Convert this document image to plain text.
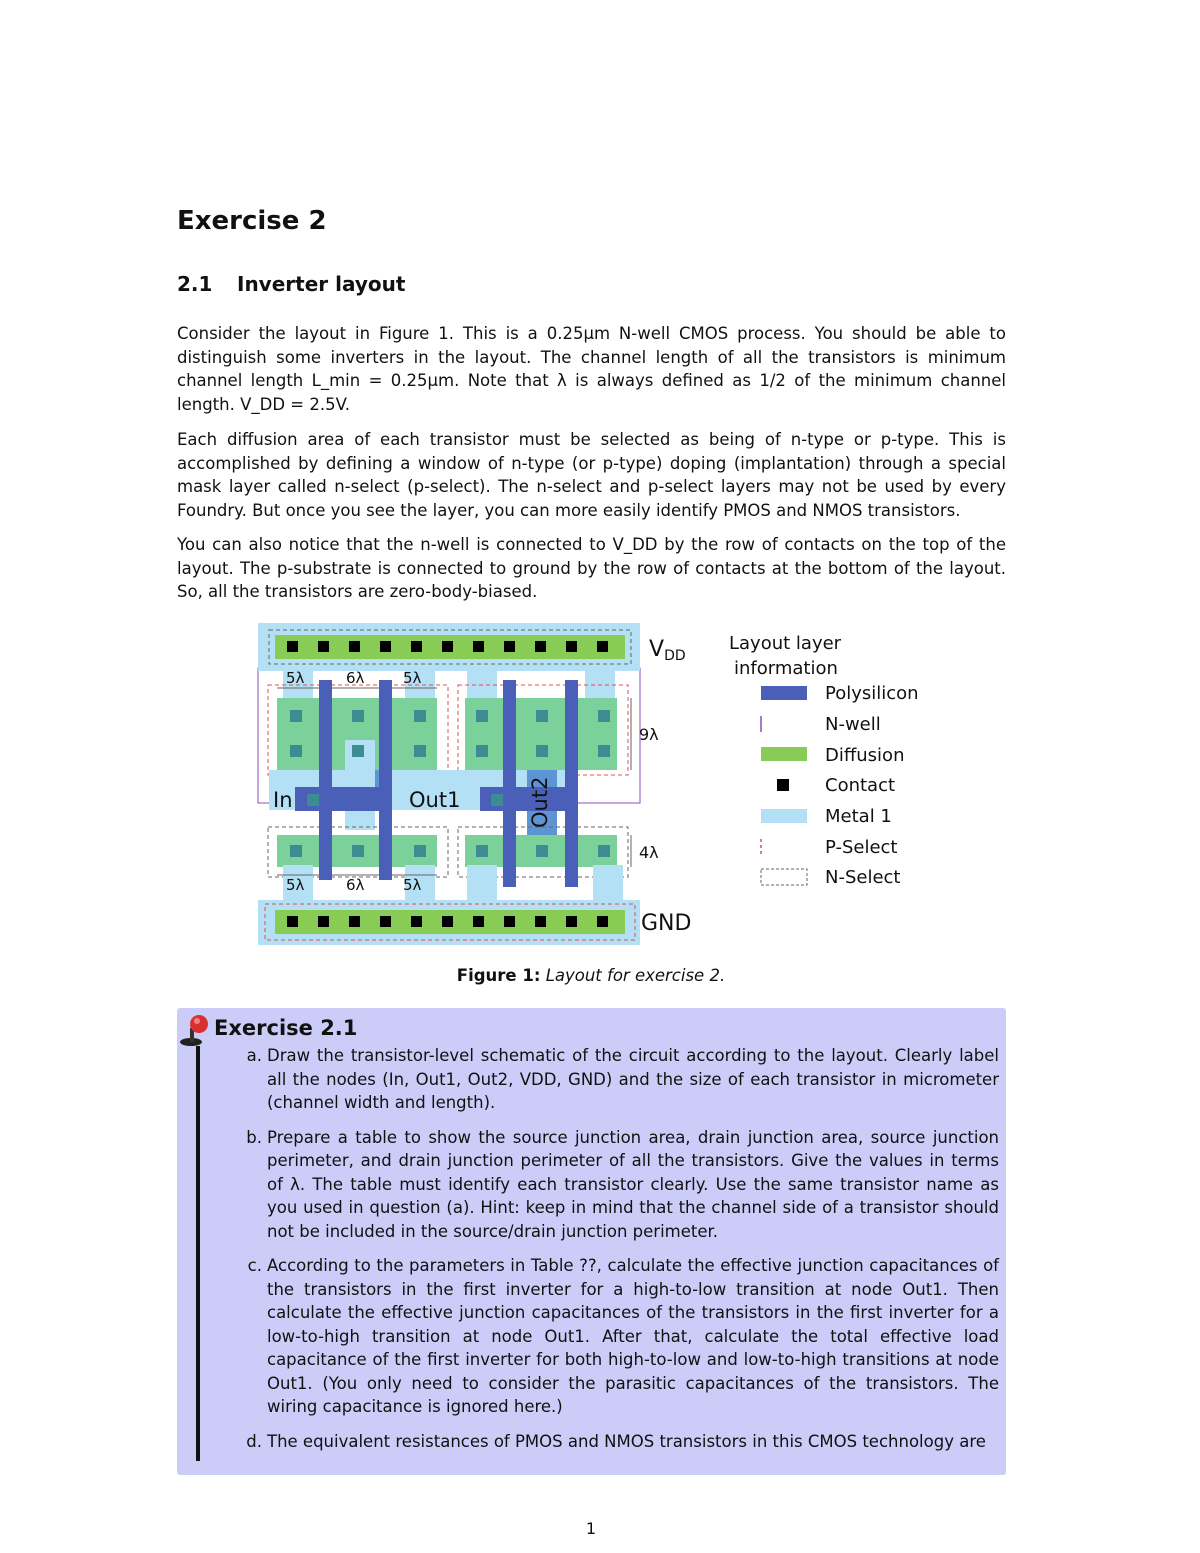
Exercise 2
2.1 Inverter layout

Consider the layout in Figure 1. This is a 0.25μm N-well CMOS process. You should be able to distinguish some inverters in the layout. The channel length of all the transistors is minimum channel length L_min = 0.25μm. Note that λ is always defined as 1/2 of the minimum channel length. V_DD = 2.5V.

Each diffusion area of each transistor must be selected as being of n-type or p-type. This is accomplished by defining a window of n-type (or p-type) doping (implantation) through a special mask layer called n-select (p-select). The n-select and p-select layers may not be used by every Foundry. But once you see the layer, you can more easily identify PMOS and NMOS transistors.

You can also notice that the n-well is connected to V_DD by the row of contacts on the top of the layout. The p-substrate is connected to ground by the row of contacts at the bottom of the layout. So, all the transistors are zero-body-biased.

5λ	6λ	5λ
5λ	6λ	5λ
9λ
4λ
In	Out1	Out2
VDD
GND
Layout layer
information
Polysilicon
N-well
Diffusion
Contact
Metal 1
P-Select
N-Select
Figure 1: Layout for exercise 2.
Exercise 2.1
a. Draw the transistor-level schematic of the circuit according to the layout. Clearly label all the nodes (In, Out1, Out2, VDD, GND) and the size of each transistor in micrometer (channel width and length).
b. Prepare a table to show the source junction area, drain junction area, source junction perimeter, and drain junction perimeter of all the transistors. Give the values in terms of λ. The table must identify each transistor clearly. Use the same transistor name as you used in question (a). Hint: keep in mind that the channel side of a transistor should not be included in the source/drain junction perimeter.
c. According to the parameters in Table ??, calculate the effective junction capacitances of the transistors in the first inverter for a high-to-low transition at node Out1. Then calculate the effective junction capacitances of the transistors in the first inverter for a low-to-high transition at node Out1. After that, calculate the total effective load capacitance of the first inverter for both high-to-low and low-to-high transitions at node Out1. (You only need to consider the parasitic capacitances of the transistors. The wiring capacitance is ignored here.)
d. The equivalent resistances of PMOS and NMOS transistors in this CMOS technology are
1
